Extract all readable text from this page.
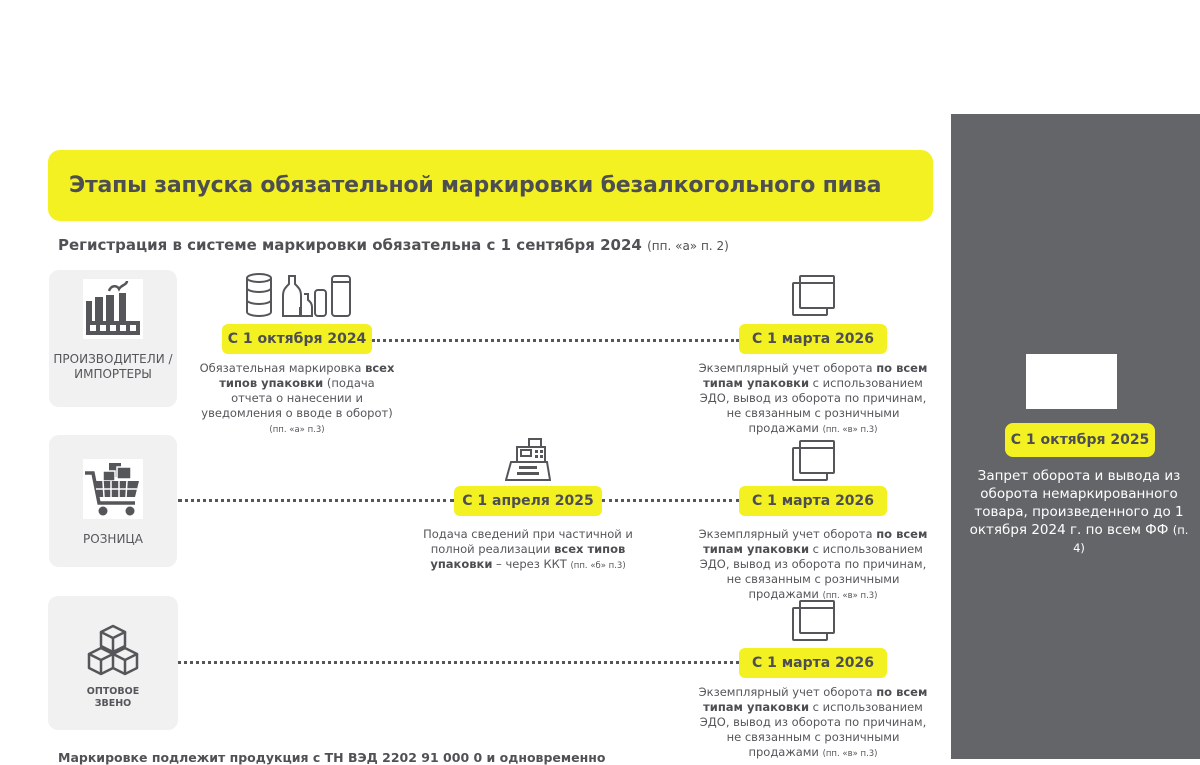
Этапы запуска обязательной маркировки безалкогольного пива
Регистрация в системе маркировки обязательна с 1 сентября 2024 (пп. «а» п. 2)
ПРОИЗВОДИТЕЛИ / ИМПОРТЕРЫ
С 1 октября 2024	С 1 марта 2026
Обязательная маркировка всех типов упаковки (подача отчета о нанесении и уведомления о вводе в оборот)
(пп. «а» п.3)
Экземплярный учет оборота по всем типам упаковки с использованием ЭДО, вывод из оборота по причинам, не связанным с розничными продажами (пп. «в» п.3)
РОЗНИЦА
С 1 апреля 2025	С 1 марта 2026
Подача сведений при частичной и полной реализации всех типов упаковки – через ККТ (пп. «б» п.3)
Экземплярный учет оборота по всем типам упаковки с использованием ЭДО, вывод из оборота по причинам, не связанным с розничными продажами (пп. «в» п.3)
ОПТОВОЕ ЗВЕНО
С 1 марта 2026
Экземплярный учет оборота по всем типам упаковки с использованием ЭДО, вывод из оборота по причинам, не связанным с розничными продажами (пп. «в» п.3)
С 1 октября 2025
Запрет оборота и вывода из оборота немаркированного товара, произведенного до 1 октября 2024 г. по всем ФФ (п. 4)
Маркировке подлежит продукция с ТН ВЭД 2202 91 000 0 и одновременно
